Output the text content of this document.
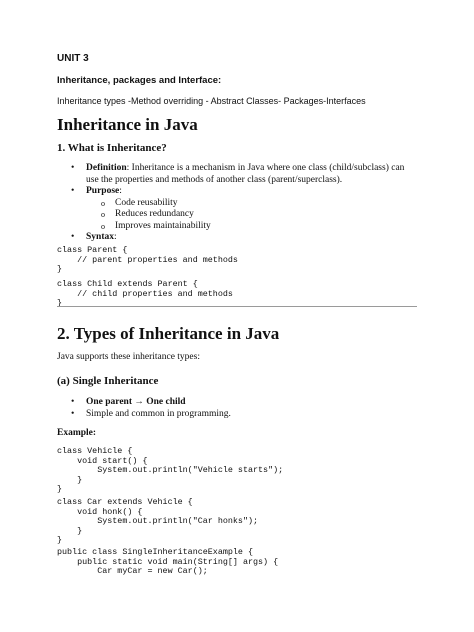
UNIT 3
Inheritance, packages and Interface:
Inheritance types -Method overriding - Abstract Classes- Packages-Interfaces
Inheritance in Java
1. What is Inheritance?
• Definition: Inheritance is a mechanism in Java where one class (child/subclass) can use the properties and methods of another class (parent/superclass).
• Purpose:
o Code reusability
o Reduces redundancy
o Improves maintainability
• Syntax:
class Parent {
// parent properties and methods
}
class Child extends Parent {
// child properties and methods
}
2. Types of Inheritance in Java
Java supports these inheritance types:
(a) Single Inheritance
• One parent → One child
• Simple and common in programming.
Example:
class Vehicle {
void start() {
System.out.println("Vehicle starts");
}
}
class Car extends Vehicle {
void honk() {
System.out.println("Car honks");
}
}
public class SingleInheritanceExample {
public static void main(String[] args) {
Car myCar = new Car();
